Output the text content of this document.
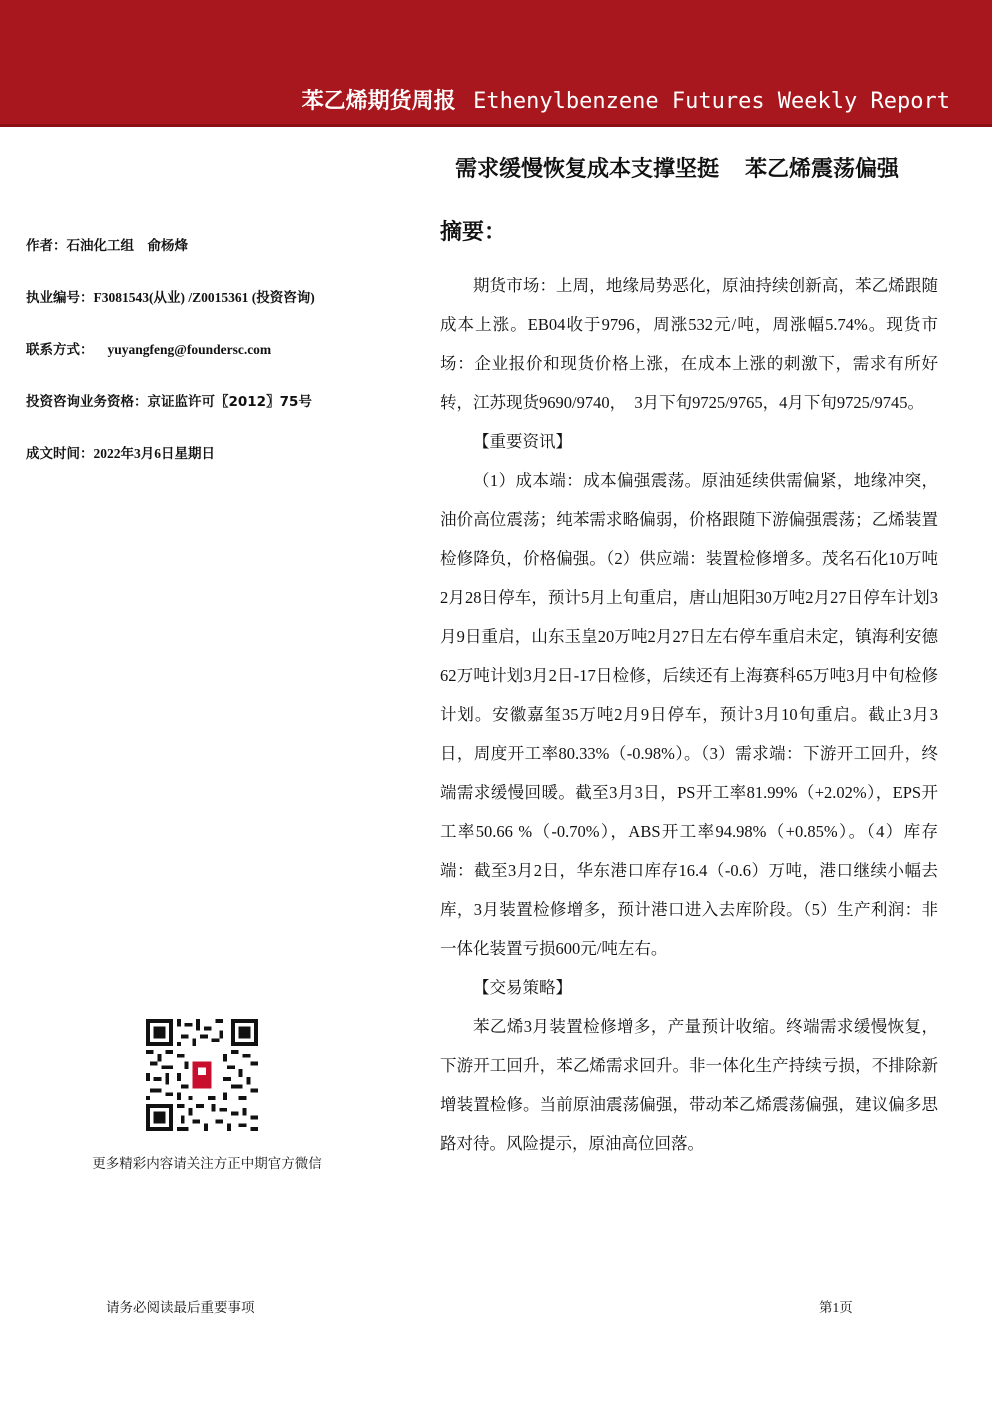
苯乙烯期货周报 Ethenylbenzene Futures Weekly Report
需求缓慢恢复成本支撑坚挺 苯乙烯震荡偏强
作者：石油化工组　俞杨烽
执业编号：F3081543(从业) /Z0015361 (投资咨询)
联系方式： yuyangfeng@foundersc.com
投资咨询业务资格：京证监许可〖2012〗75号
成文时间：2022年3月6日星期日
摘要：

期货市场：上周，地缘局势恶化，原油持续创新高，苯乙烯跟随成本上涨。EB04收于9796，周涨532元/吨，周涨幅5.74%。现货市场：企业报价和现货价格上涨，在成本上涨的刺激下，需求有所好转，江苏现货9690/9740，　3月下旬9725/9765，4月下旬9725/9745。

【重要资讯】

（1）成本端：成本偏强震荡。原油延续供需偏紧，地缘冲突，油价高位震荡；纯苯需求略偏弱，价格跟随下游偏强震荡；乙烯装置检修降负，价格偏强。（2）供应端：装置检修增多。茂名石化10万吨2月28日停车，预计5月上旬重启，唐山旭阳30万吨2月27日停车计划3月9日重启，山东玉皇20万吨2月27日左右停车重启未定，镇海利安德62万吨计划3月2日-17日检修，后续还有上海赛科65万吨3月中旬检修计划。安徽嘉玺35万吨2月9日停车，预计3月10旬重启。截止3月3日，周度开工率80.33%（-0.98%）。（3）需求端：下游开工回升，终端需求缓慢回暖。截至3月3日，PS开工率81.99%（+2.02%），EPS开工率50.66 %（-0.70%），ABS开工率94.98%（+0.85%）。（4）库存端：截至3月2日，华东港口库存16.4（-0.6）万吨，港口继续小幅去库，3月装置检修增多，预计港口进入去库阶段。（5）生产利润：非一体化装置亏损600元/吨左右。

【交易策略】

苯乙烯3月装置检修增多，产量预计收缩。终端需求缓慢恢复，下游开工回升，苯乙烯需求回升。非一体化生产持续亏损，不排除新增装置检修。当前原油震荡偏强，带动苯乙烯震荡偏强，建议偏多思路对待。风险提示，原油高位回落。

更多精彩内容请关注方正中期官方微信
请务必阅读最后重要事项	第1页
